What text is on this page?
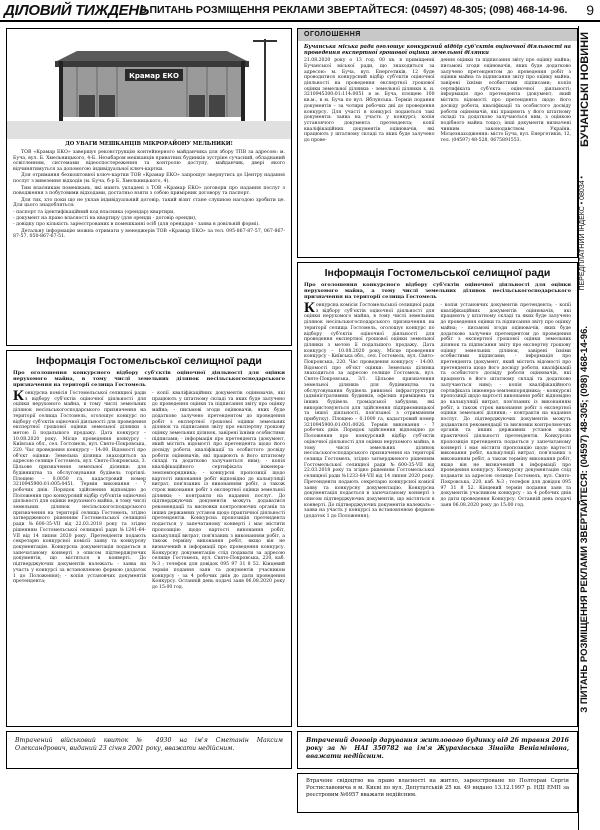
ДІЛОВИЙ ТИЖДЕНЬ
З ПИТАНЬ РОЗМІЩЕННЯ РЕКЛАМИ ЗВЕРТАЙТЕСЯ: (04597) 48-305; (098) 468-14-96. 9
БУЧАНСЬКІ НОВИНИ
ПЕРЕДПЛАТНИЙ ІНДЕКС • 08034 •
З ПИТАНЬ РОЗМІЩЕННЯ РЕКЛАМИ ЗВЕРТАЙТЕСЯ: (04597) 48-305; (098) 468-14-96.
Крамар ЕКО

ДО УВАГИ МЕШКАНЦІВ МІКРОРАЙОНУ МЕЛЬНИКИ!

ТОВ «Крамар ЕКО» завершує реконструкцію контейнерного майданчика для збору ТПВ за адресою: м. Буча, вул. Б. Хмельницького, 4-Б. Незабаром мешканців приватних будинків зустріне сучасний, обладнаний освітленням, системами відеоспостереження та контролю доступу, майданчик, двері якого відчинятимуться за допомогою індивідуальної ключ-картки.

Для отримання безкоштовної ключ-картки ТОВ «Крамар ЕКО» запрошує звернутись до Центру надання послуг з вивезення відходів (м. Буча, б-р Б. Хмельницького, 4).

Тим власникам помешкань, які мають укладені з ТОВ «Крамар ЕКО» договори про надання послуг з поводження з побутовими відходами, достатньо взяти з собою примірник договору та паспорт.

Для тих, хто поки що не уклав індивідуальний договір, такий візит стане слушною нагодою зробити це. Для цього знадобляться:

- паспорт та ідентифікаційний код власника (орендар) квартири,

- документ на право власності на квартиру (для оренди - договір оренди),

- довідку про кількість зареєстрованих в помешканні осіб (для орендаря - заява в довільній формі).

Детальну інформацію можна отримати у менеджерів ТОВ «Крамар ЕКО» за тел. 095-867-87-57, 067-867-87-57, 050-867-67-51.

ОГОЛОШЕННЯ
Бучанська міська рада оголошує конкурсний відбір суб'єктів оціночної діяльності на проведення експертної грошової оцінки земельної ділянки
21.08.2020 року о 13 год. 00 хв. в приміщенні Бучанської міської ради, що знаходиться за адресою: м. Буча, вул. Енергетиків, 12 буде проводитися конкурсний відбір суб'єктів оціночної діяльності на проведення експертної грошової оцінки земельної ділянки: - земельної ділянки к. н. 3210945300:01:114:0051 в м. Буча, площею 100 кв.м., в м. Буча по вул. Яблунська. Термін подання документів – за чотири робочих дні до проведення конкурсу. Для участі в конкурсі подаються такі документи: заява на участь у конкурсі; копія установчого документа претендента; копії кваліфікаційних документів оцінювачів, які працюють у штатному складі та яких буде залучено до прове-
дення оцінки та підписання звіту про оцінку майна; письмові згоди оцінювачів, яких буде додатково залучено претендентом до проведення робіт з оцінки майна та підписання звіту про оцінку майна, завірені їхніми особистими підписами; копія сертифіката суб'єкта оціночної діяльності; інформація про претендента (документ, який містить відомості про претендента щодо його досвіду роботи, кваліфікації та особистого досвіду роботи оцінювачів, які працюють у його штатному складі та додатково залучаються ним, з оцінкою подібного майна тощо); інші документи визначені чинним законодавством України. Місцезнаходження: місто Буча, вул. Енергетиків, 12, тел. (04597) 48-528, 0675891553.
Інформація Гостомельської селищної ради
Про оголошення конкурсного відбору суб'єктів оціночної діяльності для оцінки нерухомого майна, а тому числі земельних ділянок несільськогосподарського призначення на території селища Гостомель
Конкурсна комісія Гостомельської селищної ради з відбору суб'єктів оціночної діяльності для оцінки нерухомого майна, в тому числі земельних ділянок несільськогосподарського призначення на території селища Гостомель, оголошує конкурс по відбору суб'єктів оціночної діяльності для проведення експертної грошової оцінки земельної ділянки з метою її подальшого продажу. Дата конкурсу – 10.08.2020 року. Місце проведення конкурсу - Київська обл., сел. Гостомель, вул. Свято-Покровська, 220. Час проведення конкурсу - 14:00. Відомості про об'єкт оцінки: Земельна ділянка знаходиться за адресою селище Гостомель, вул. Свято-Покровська, 3/1. Цільове призначення земельної ділянки: для будівництва та обслуговування будівель ринкової інфраструктури (адміністративних будинків, офісних приміщень та інших будівель громадської забудови, які використовуються для здійснення підприємницької та іншої діяльності, пов'язаної з отриманням прибутку). Площею – 0,1000 га, кадастровий номер 3210945900:01:001:0026. Термін виконання - 7 робочих днів. Порядок здійснення відповідно до Положення про конкурсний відбір суб'єктів оціночної діяльності для оцінки нерухомого майна, в тому числі земельних ділянок несільськогосподарського призначення на території селища Гостомель, згідно затвердженого рішенням Гостомельської селищної ради №600-35-VII від 22.03.2018 року та згідно рішенням Гостомельської селищної ради №1233-64-VII від 14 липня 2020 року. Претенденти подають секретарю конкурсної комісії заяву та конкурсну документацію. Конкурсна документація подається в запечатаному конверті з описом підтверджуючих документів, що містяться в конверті. До підтверджуючих документів належать: - заява на участь у конкурсі за встановленою формою (додаток 1 до Положення);
- копія установчих документів претендента; - копії кваліфікаційних документів оцінювачів, які працюють у штатному складі та яких буде залучено до проведення оцінки та підписання звіту про оцінку майна; - письмові згоди оцінювачів, яких буде додатково залучено претендентом до проведення робіт з експертної грошової оцінки земельних ділянок та підписання звіту про експертну грошову оцінку земельних ділянок, завірені їхніми особистими підписами; - інформація про претендента (документ, який містить відомості про претендента щодо його досвіду роботи, кваліфікації та особистого досвіду роботи оцінювачів, які працюють в його штатному складі та додатково залучаються ним); - копія кваліфікаційного сертифіката інженера-землевпорядника; - конкурсні пропозиції щодо вартості виконання робіт відповідно до калькуляції витрат, пов'язаних із виконанням робіт, а також строк виконання робіт з експертної оцінки земельної ділянки; - контракти на надання послуг. До підтверджуючих документів можуть додаватися рекомендації та висновки контролюючих органів та інших державних установ щодо практичної діяльності претендентів. Конкурсна пропозиція претендента подається у запечатаному конверті і має містити пропозицію щодо вартості виконання робіт, калькуляції витрат, пов'язаних з виконанням робіт, а також терміну виконання робіт, якщо він не визначений в інформації про проведення конкурсу. Конкурсну документацію слід подавати за адресою селище Гостомель, вул. Свято-Покровська, 220, каб. №3 ; телефон для довідок 095 97 31 8 52. Кінцевий термін подання заяв та документів учасником конкурсу - за 4 робочих днів до дати проведення Конкурсу. Останній день подачі заяв 06.08.2020 року до 15:00 год.
Інформація Гостомельської селищної ради
Про оголошення конкурсного відбору суб'єктів оціночної діяльності для оцінки нерухомого майна, в тому числі земельних ділянок несільськогосподарського призначення на території селища Гостомель
Конкурсна комісія Гостомельської селищної ради з відбору суб'єктів оціночної діяльності для оцінки нерухомого майна, в тому числі земельних ділянок несільськогосподарського призначення на території селища Гостомель, оголошує конкурс по відбору суб'єктів оціночної діяльності для проведення експертної грошової оцінки земельної ділянки з метою її подальшого продажу. Дата конкурсу – 10.08.2020 року. Місце проведення конкурсу - Київська обл., сел. Гостомель, вул. Свято-Покровська, 220. Час проведення конкурсу - 14:00. Відомості про об'єкт оцінки: Земельна ділянка знаходиться за адресою селище Гостомель, вул. Свято-Покровська, 3. Цільове призначення земельної ділянки: для будівництва та обслуговування будівель торгівлі. Площею – 0,0050 га, кадастровий номер 3210945900:01:005:0451. Термін виконання - 7 робочих днів. Порядок здійснення відповідно до Положення про конкурсний відбір суб'єктів оціночної діяльності для оцінки нерухомого майна, в тому числі земельних ділянок несільськогосподарського призначення на території селища Гостомель, згідно затвердженого рішенням Гостомельської селищної ради №600-35-VII від 22.03.2018 року та згідно рішенням Гостомельської селищної ради №1241-64-VII від 14 липня 2020 року. Претенденти подають секретарю конкурсної комісії заяву та конкурсну документацію. Конкурсна документація подається в запечатаному конверті з описом підтверджуючих документів, що містяться в конверті. До підтверджуючих документів належать: - заява на участь у конкурсі за встановленою формою (додаток 1 до Положення); - копія установчих документів претендента;
- копії кваліфікаційних документів оцінювачів, які працюють у штатному складі та яких буде залучено до проведення оцінки та підписання звіту про оцінку майна; - письмові згоди оцінювачів, яких буде додатково залучено претендентом до проведення робіт з експертної грошової оцінки земельних ділянок та підписання звіту про експертну грошову оцінку земельних ділянок, завірені їхніми особистими підписами; - інформація про претендента (документ, який містить відомості про претендента щодо його досвіду роботи, кваліфікації та особистого досвіду роботи оцінювачів, які працюють в його штатному складі та додатково залучаються ним); - копія кваліфікаційного сертифіката інженера-землевпорядника; - конкурсні пропозиції щодо вартості виконання робіт відповідно до калькуляції витрат, пов'язаних із виконанням робіт, а також строк виконання робіт з експертної оцінки земельної ділянки; - контракти на надання послуг. До підтверджуючих документів можуть додаватися рекомендації та висновки контролюючих органів та інших державних установ щодо практичної діяльності претендентів. Конкурсна пропозиція претендента подається у запечатаному конверті і має містити пропозицію щодо вартості виконання робіт, калькуляції витрат, пов'язаних з виконанням робіт, а також терміну виконання робіт, якщо він не визначений в інформації про проведення конкурсу. Конкурсну документацію слід подавати за адресою селище Гостомель, вул. Свято-Покровська, 220, каб. №3 ; телефон для довідок 095 97 31 8 52. Кінцевий термін подання заяв та документів учасником конкурсу - за 4 робочих днів до дати проведення Конкурсу. Останній день подачі заяв 06.08.2020 року до 15:00 год.
Втрачений договір дарування житлового будинку від 26 травня 2016 року за № НАІ 350782 на ім'я Журахівська Зінаїда Веніамінівна, вважати недійсним.
Втрачений військовий квиток № 4930 на ім'я Сметанін Максим Олександрович, виданий 23 січня 2001 року, вважати недійсним.
Втрачене свідоцтво на право власності на житло, зареєстроване по Полтораи Сергія Ростиславовича в м. Києві по вул. Депутатській 25 кв. 49 видано 13.12.1997 р. НДІ ЕМП за реєстровим №6957 вважати недійсним.
